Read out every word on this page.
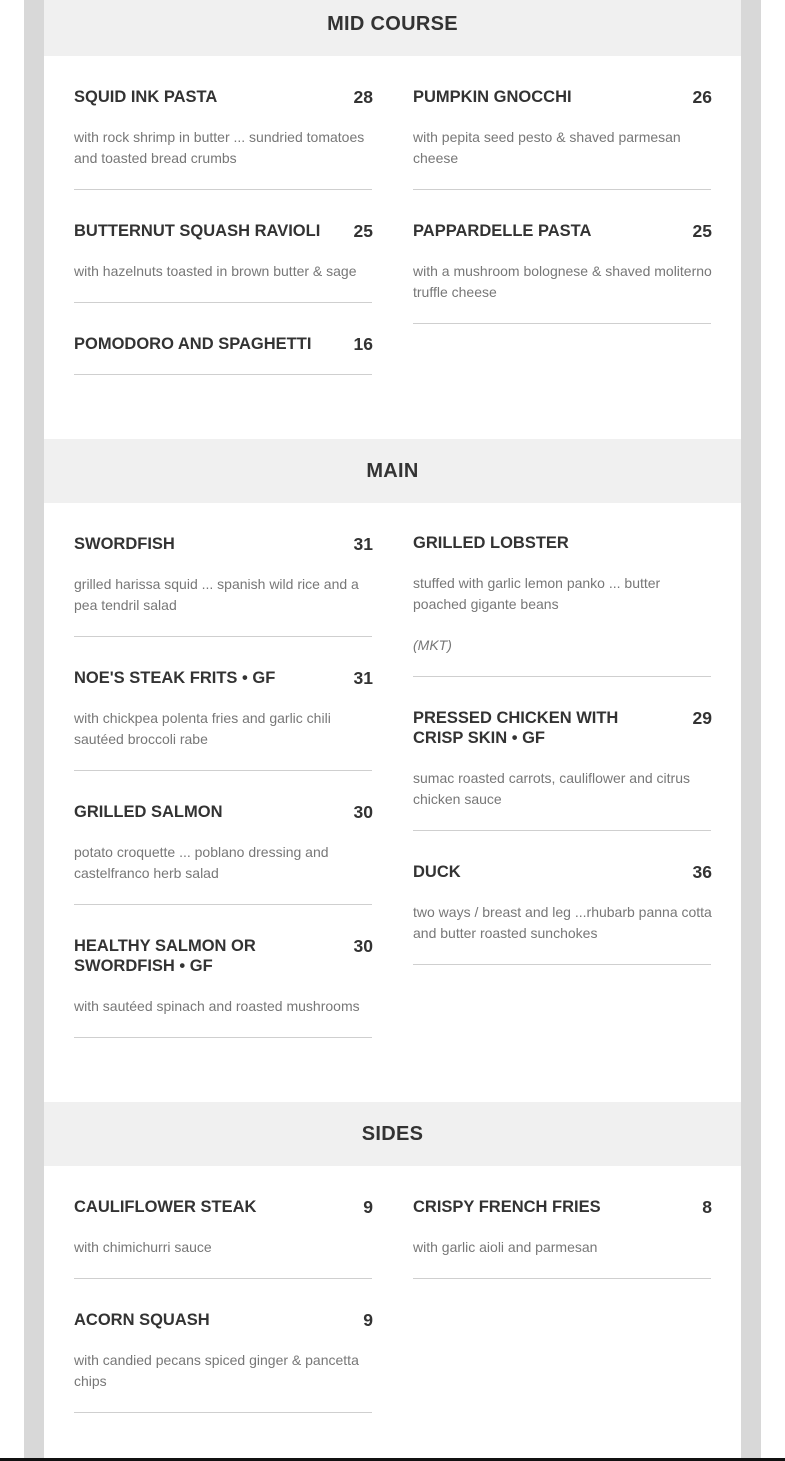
MID COURSE
SQUID INK PASTA	28
with rock shrimp in butter ... sundried tomatoes and toasted bread crumbs
PUMPKIN GNOCCHI	26
with pepita seed pesto & shaved parmesan cheese
BUTTERNUT SQUASH RAVIOLI 25
with hazelnuts toasted in brown butter & sage
PAPPARDELLE PASTA	25
with a mushroom bolognese & shaved moliterno truffle cheese
POMODORO AND SPAGHETTI 16
MAIN
SWORDFISH	31
grilled harissa squid ... spanish wild rice and a pea tendril salad
GRILLED LOBSTER
stuffed with garlic lemon panko ... butter poached gigante beans
(MKT)
NOE'S STEAK FRITS • GF	31
with chickpea polenta fries and garlic chili sautéed broccoli rabe
PRESSED CHICKEN WITH CRISP SKIN • GF
29
sumac roasted carrots, cauliflower and citrus chicken sauce
GRILLED SALMON	30
potato croquette ... poblano dressing and castelfranco herb salad	DUCK	36
two ways / breast and leg ...rhubarb panna cotta and butter roasted sunchokes
HEALTHY SALMON OR SWORDFISH • GF
30
with sautéed spinach and roasted mushrooms
SIDES
CAULIFLOWER STEAK	9
with chimichurri sauce
CRISPY FRENCH FRIES	8
with garlic aioli and parmesan
ACORN SQUASH	9
with candied pecans spiced ginger & pancetta chips
